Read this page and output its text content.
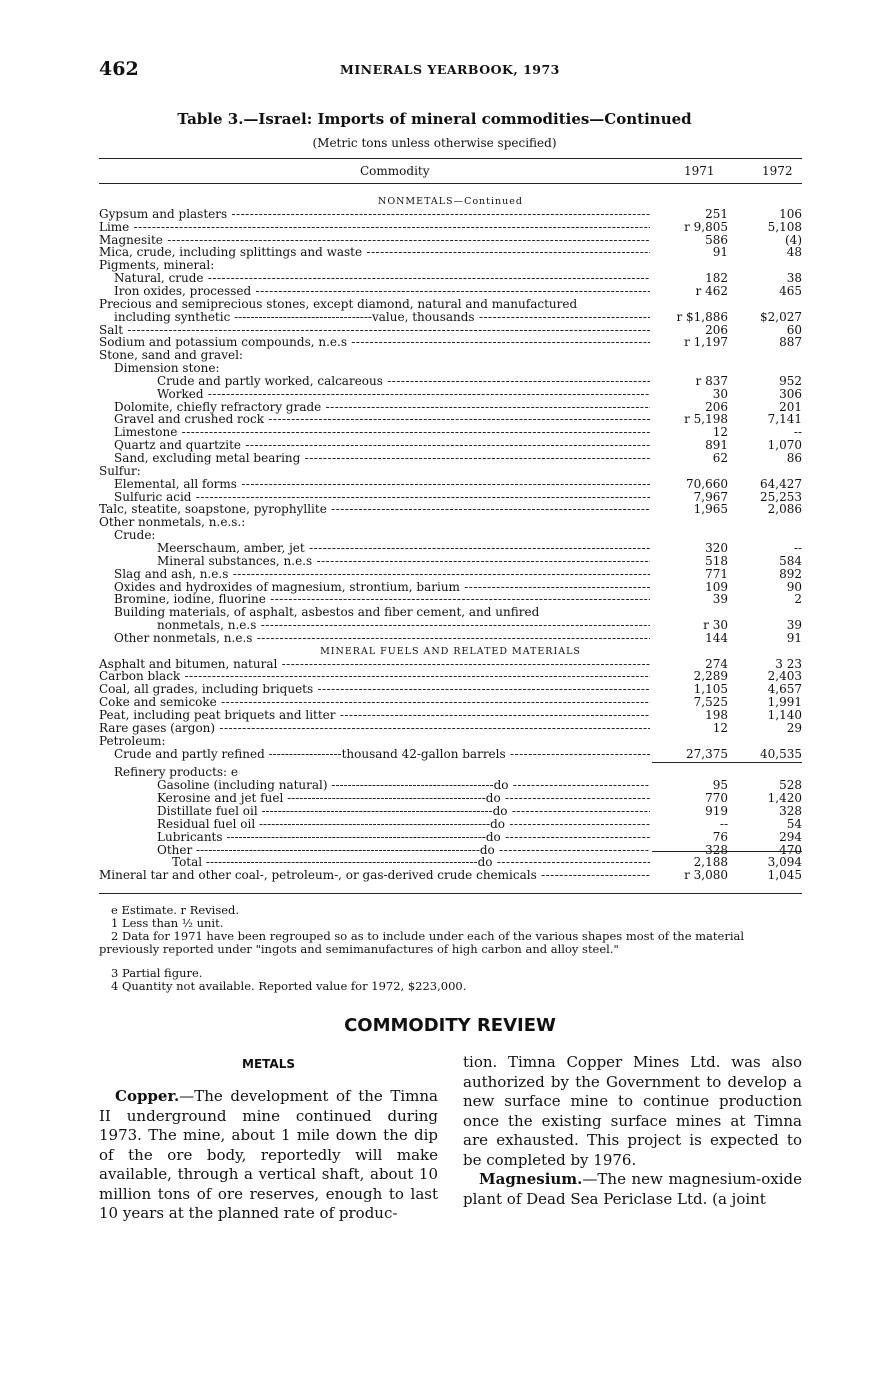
462	MINERALS YEARBOOK, 1973
Table 3.—Israel: Imports of mineral commodities—Continued
(Metric tons unless otherwise specified)
Commodity	1971	1972
NONMETALS—Continued
Gypsum and plasters -----	251	106
Lime -----	r 9,805	5,108
Magnesite -----	586	(4)
Mica, crude, including splittings and waste -----	91	48
Pigments, mineral:
Natural, crude -----	182	38
Iron oxides, processed -----	r 462	465
Precious and semiprecious stones, except diamond, natural and manufactured
including synthetic ----------------------------------value, thousands -----	r $1,886	$2,027
Salt -----	206	60
Sodium and potassium compounds, n.e.s -----	r 1,197	887
Stone, sand and gravel:
Dimension stone:
Crude and partly worked, calcareous -----	r 837	952
Worked -----	30	306
Dolomite, chiefly refractory grade -----	206	201
Gravel and crushed rock -----	r 5,198	7,141
Limestone -----	12	--
Quartz and quartzite -----	891	1,070
Sand, excluding metal bearing -----	62	86
Sulfur:
Elemental, all forms -----	70,660	64,427
Sulfuric acid -----	7,967	25,253
Talc, steatite, soapstone, pyrophyllite -----	1,965	2,086
Other nonmetals, n.e.s.:
Crude:
Meerschaum, amber, jet -----	320	--
Mineral substances, n.e.s -----	518	584
Slag and ash, n.e.s -----	771	892
Oxides and hydroxides of magnesium, strontium, barium -----	109	90
Bromine, iodine, fluorine -----	39	2
Building materials, of asphalt, asbestos and fiber cement, and unfired
nonmetals, n.e.s -----	r 30	39
Other nonmetals, n.e.s -----	144	91
MINERAL FUELS AND RELATED MATERIALS
Asphalt and bitumen, natural -----	274	3 23
Carbon black -----	2,289	2,403
Coal, all grades, including briquets -----	1,105	4,657
Coke and semicoke -----	7,525	1,991
Peat, including peat briquets and litter -----	198	1,140
Rare gases (argon) -----	12	29
Petroleum:
Crude and partly refined ------------------thousand 42-gallon barrels -----	27,375	40,535
Refinery products: e
Gasoline (including natural) ----------------------------------------do -----	95	528
Kerosine and jet fuel -------------------------------------------------do -----	770	1,420
Distillate fuel oil ---------------------------------------------------------do -----	919	328
Residual fuel oil ---------------------------------------------------------do -----	--	54
Lubricants ----------------------------------------------------------------do -----	76	294
Other ----------------------------------------------------------------------do -----	328	470
Total -------------------------------------------------------------------do -----	2,188	3,094
Mineral tar and other coal-, petroleum-, or gas-derived crude chemicals -----	r 3,080	1,045
e Estimate. r Revised.
1 Less than ½ unit.
2 Data for 1971 have been regrouped so as to include under each of the various shapes most of the material previously reported under "ingots and semimanufactures of high carbon and alloy steel."
3 Partial figure.
4 Quantity not available. Reported value for 1972, $223,000.
COMMODITY REVIEW
METALS

Copper.—The development of the Timna II underground mine continued during 1973. The mine, about 1 mile down the dip of the ore body, reportedly will make available, through a vertical shaft, about 10 million tons of ore reserves, enough to last 10 years at the planned rate of produc-

tion. Timna Copper Mines Ltd. was also authorized by the Government to develop a new surface mine to continue production once the existing surface mines at Timna are exhausted. This project is expected to be completed by 1976.

Magnesium.—The new magnesium-oxide plant of Dead Sea Periclase Ltd. (a joint
